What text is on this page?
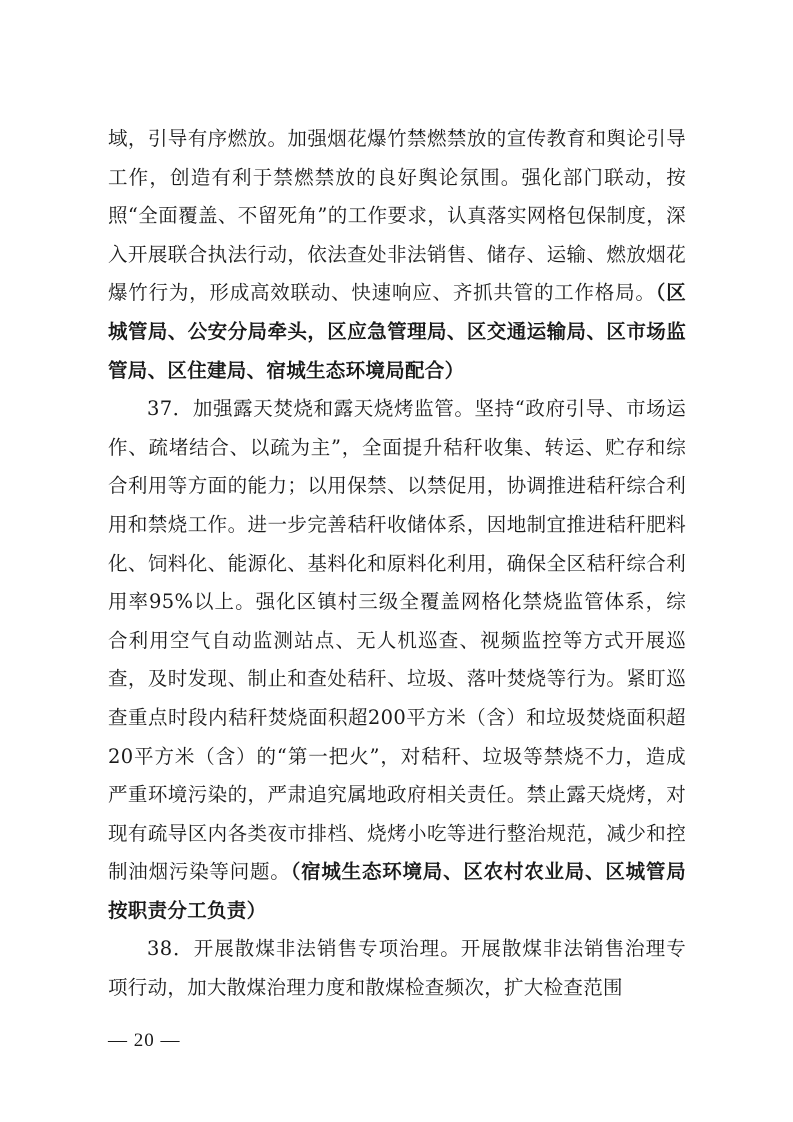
域，引导有序燃放。加强烟花爆竹禁燃禁放的宣传教育和舆论引导工作，创造有利于禁燃禁放的良好舆论氛围。强化部门联动，按照“全面覆盖、不留死角”的工作要求，认真落实网格包保制度，深入开展联合执法行动，依法查处非法销售、储存、运输、燃放烟花爆竹行为，形成高效联动、快速响应、齐抓共管的工作格局。（区城管局、公安分局牵头，区应急管理局、区交通运输局、区市场监管局、区住建局、宿城生态环境局配合）

37．加强露天焚烧和露天烧烤监管。坚持“政府引导、市场运作、疏堵结合、以疏为主”，全面提升秸秆收集、转运、贮存和综合利用等方面的能力；以用保禁、以禁促用，协调推进秸秆综合利用和禁烧工作。进一步完善秸秆收储体系，因地制宜推进秸秆肥料化、饲料化、能源化、基料化和原料化利用，确保全区秸秆综合利用率95%以上。强化区镇村三级全覆盖网格化禁烧监管体系，综合利用空气自动监测站点、无人机巡查、视频监控等方式开展巡查，及时发现、制止和查处秸秆、垃圾、落叶焚烧等行为。紧盯巡查重点时段内秸秆焚烧面积超200平方米（含）和垃圾焚烧面积超20平方米（含）的“第一把火”，对秸秆、垃圾等禁烧不力，造成严重环境污染的，严肃追究属地政府相关责任。禁止露天烧烤，对现有疏导区内各类夜市排档、烧烤小吃等进行整治规范，减少和控制油烟污染等问题。（宿城生态环境局、区农村农业局、区城管局按职责分工负责）

38．开展散煤非法销售专项治理。开展散煤非法销售治理专项行动，加大散煤治理力度和散煤检查频次，扩大检查范围

— 20 —
